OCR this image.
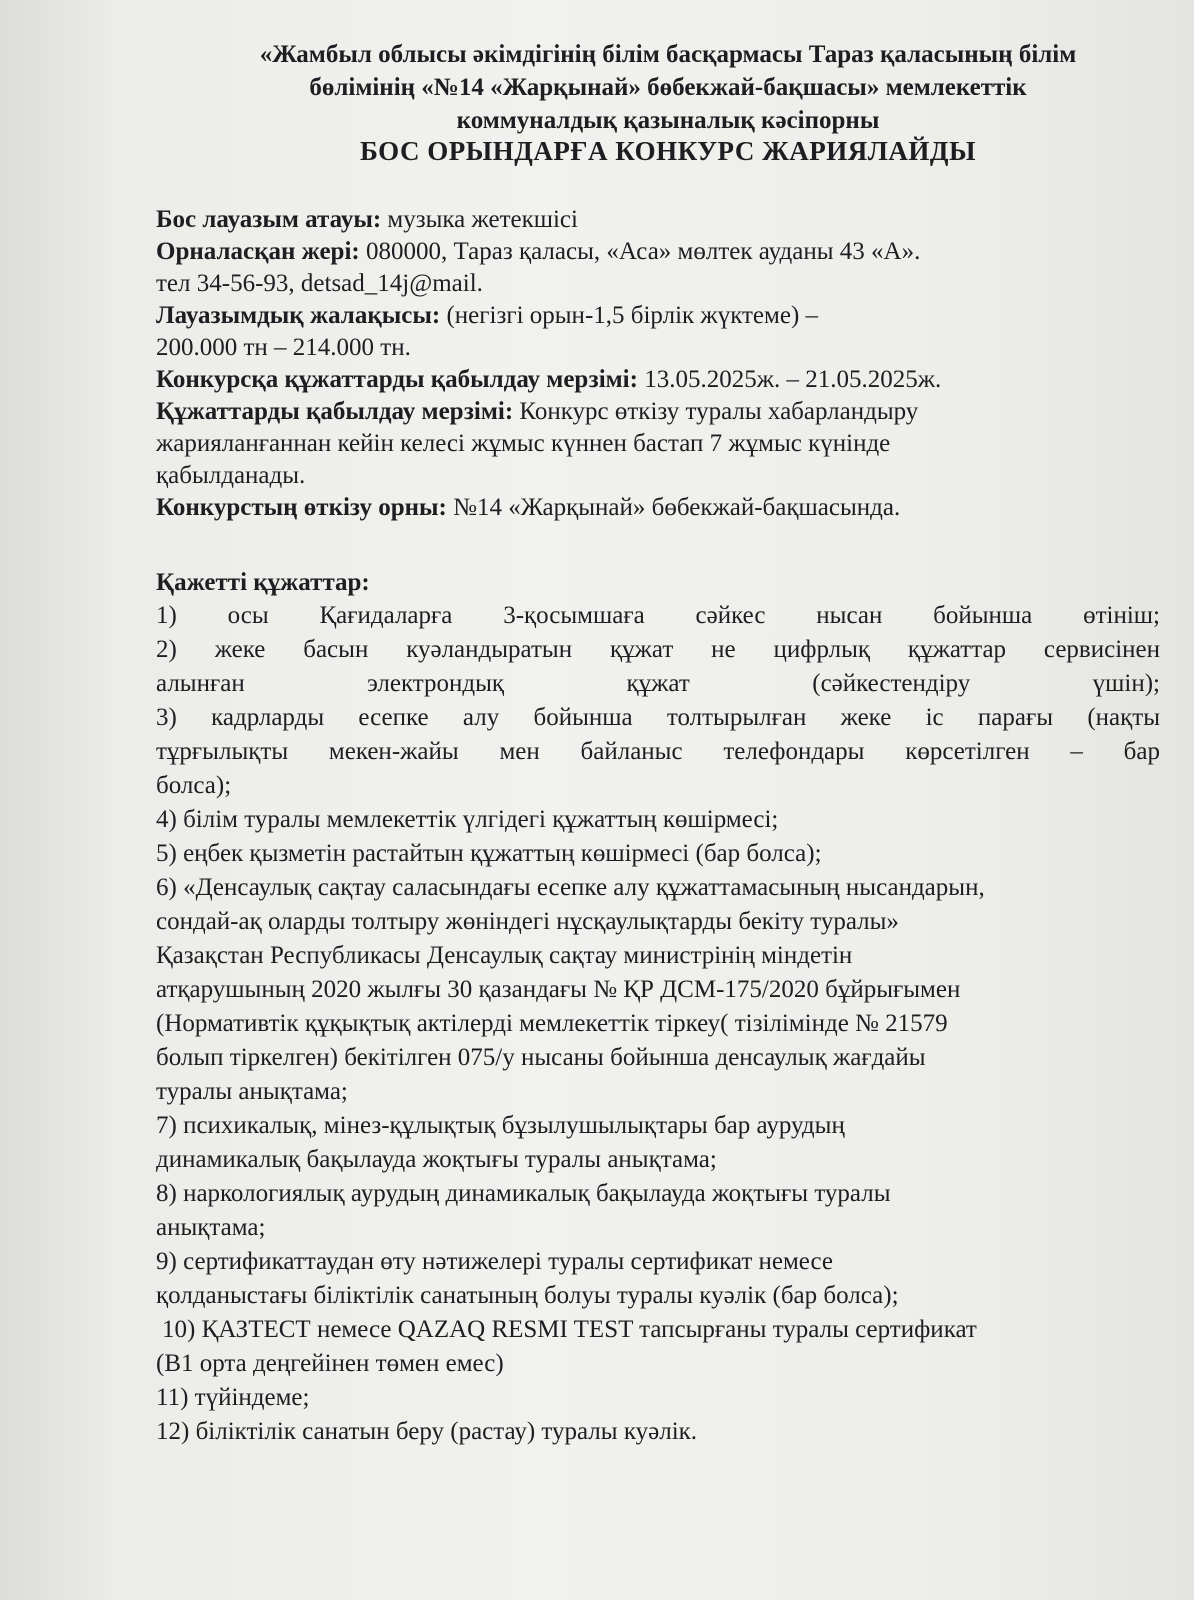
«Жамбыл облысы әкімдігінің білім басқармасы Тараз қаласының білім
бөлімінің «№14 «Жарқынай» бөбекжай-бақшасы» мемлекеттік
коммуналдық қазыналық кәсіпорны
БОС ОРЫНДАРҒА КОНКУРС ЖАРИЯЛАЙДЫ

Бос лауазым атауы: музыка жетекшісі

Орналасқан жері: 080000, Тараз қаласы, «Аса» мөлтек ауданы 43 «А».

тел 34-56-93, detsad_14j@mail.

Лауазымдық жалақысы: (негізгі орын-1,5 бірлік жүктеме) –

200.000 тн – 214.000 тн.

Конкурсқа құжаттарды қабылдау мерзімі: 13.05.2025ж. – 21.05.2025ж.

Құжаттарды қабылдау мерзімі: Конкурс өткізу туралы хабарландыру

жарияланғаннан кейін келесі жұмыс күннен бастап 7 жұмыс күнінде

қабылданады.

Конкурстың өткізу орны: №14 «Жарқынай» бөбекжай-бақшасында.

Қажетті құжаттар:

1) осы Қағидаларға 3-қосымшаға сәйкес нысан бойынша өтініш;
2) жеке басын куәландыратын құжат не цифрлық құжаттар сервисінен
алынған электрондық құжат (сәйкестендіру үшін);
3) кадрларды есепке алу бойынша толтырылған жеке іс парағы (нақты
тұрғылықты мекен-жайы мен байланыс телефондары көрсетілген – бар
болса);
4) білім туралы мемлекеттік үлгідегі құжаттың көшірмесі;
5) еңбек қызметін растайтын құжаттың көшірмесі (бар болса);
6) «Денсаулық сақтау саласындағы есепке алу құжаттамасының нысандарын,
сондай-ақ оларды толтыру жөніндегі нұсқаулықтарды бекіту туралы»
Қазақстан Республикасы Денсаулық сақтау министрінің міндетін
атқарушының 2020 жылғы 30 қазандағы № ҚР ДСМ-175/2020 бұйрығымен
(Нормативтік құқықтық актілерді мемлекеттік тіркеу( тізілімінде № 21579
болып тіркелген) бекітілген 075/у нысаны бойынша денсаулық жағдайы
туралы анықтама;
7) психикалық, мінез-құлықтық бұзылушылықтары бар аурудың
динамикалық бақылауда жоқтығы туралы анықтама;
8) наркологиялық аурудың динамикалық бақылауда жоқтығы туралы
анықтама;
9) сертификаттаудан өту нәтижелері туралы сертификат немесе
қолданыстағы біліктілік санатының болуы туралы куәлік (бар болса);
10) ҚАЗТЕСТ немесе QAZAQ RESMI TEST тапсырғаны туралы сертификат
(В1 орта деңгейінен төмен емес)
11) түйіндеме;
12) біліктілік санатын беру (растау) туралы куәлік.
